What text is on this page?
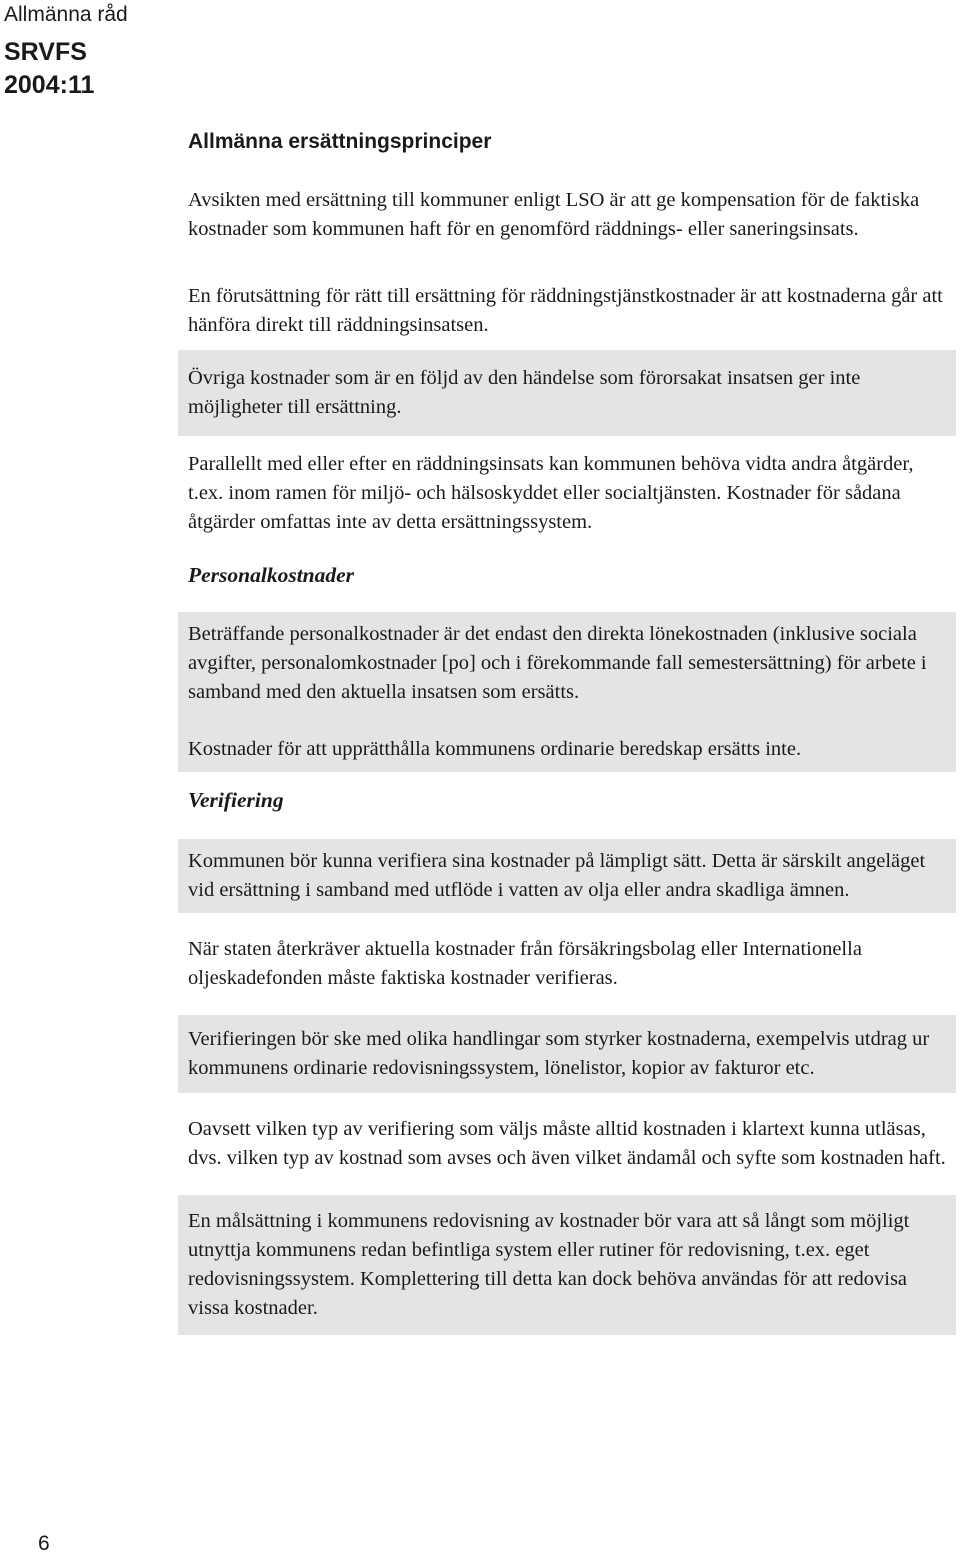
Allmänna råd
SRVFS
2004:11
Allmänna ersättningsprinciper

Avsikten med ersättning till kommuner enligt LSO är att ge kompensation för de faktiska kostnader som kommunen haft för en genomförd räddnings- eller saneringsinsats.

En förutsättning för rätt till ersättning för räddningstjänstkostnader är att kostnaderna går att hänföra direkt till räddningsinsatsen.

Övriga kostnader som är en följd av den händelse som förorsakat insatsen ger inte möjligheter till ersättning.

Parallellt med eller efter en räddningsinsats kan kommunen behöva vidta andra åtgärder, t.ex. inom ramen för miljö- och hälsoskyddet eller socialtjänsten. Kostnader för sådana åtgärder omfattas inte av detta ersättningssystem.

Personalkostnader

Beträffande personalkostnader är det endast den direkta lönekostnaden (inklusive sociala avgifter, personalomkostnader [po] och i förekommande fall semestersättning) för arbete i samband med den aktuella insatsen som ersätts.

Kostnader för att upprätthålla kommunens ordinarie beredskap ersätts inte.

Verifiering

Kommunen bör kunna verifiera sina kostnader på lämpligt sätt. Detta är särskilt angeläget vid ersättning i samband med utflöde i vatten av olja eller andra skadliga ämnen.

När staten återkräver aktuella kostnader från försäkringsbolag eller Internationella oljeskadefonden måste faktiska kostnader verifieras.

Verifieringen bör ske med olika handlingar som styrker kostnaderna, exempelvis utdrag ur kommunens ordinarie redovisningssystem, lönelistor, kopior av fakturor etc.

Oavsett vilken typ av verifiering som väljs måste alltid kostnaden i klartext kunna utläsas, dvs. vilken typ av kostnad som avses och även vilket ändamål och syfte som kostnaden haft.

En målsättning i kommunens redovisning av kostnader bör vara att så långt som möjligt utnyttja kommunens redan befintliga system eller rutiner för redovisning, t.ex. eget redovisningssystem. Komplettering till detta kan dock behöva användas för att redovisa vissa kostnader.

6
